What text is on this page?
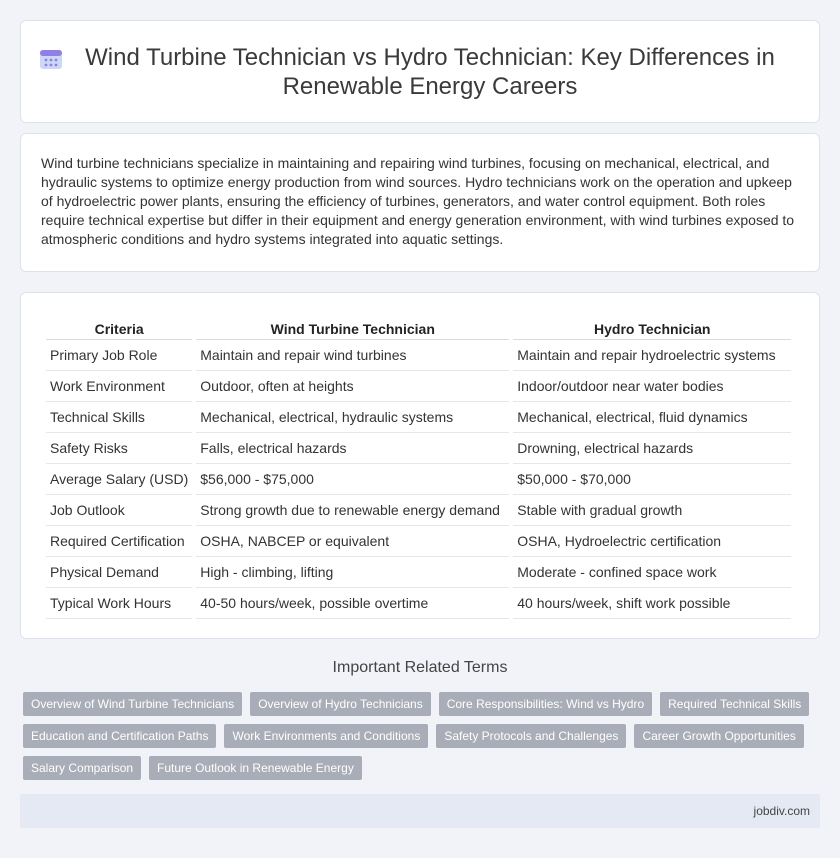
Wind Turbine Technician vs Hydro Technician: Key Differences in Renewable Energy Careers

Wind turbine technicians specialize in maintaining and repairing wind turbines, focusing on mechanical, electrical, and hydraulic systems to optimize energy production from wind sources. Hydro technicians work on the operation and upkeep of hydroelectric power plants, ensuring the efficiency of turbines, generators, and water control equipment. Both roles require technical expertise but differ in their equipment and energy generation environment, with wind turbines exposed to atmospheric conditions and hydro systems integrated into aquatic settings.

Criteria	Wind Turbine Technician	Hydro Technician
Primary Job Role	Maintain and repair wind turbines	Maintain and repair hydroelectric systems
Work Environment	Outdoor, often at heights	Indoor/outdoor near water bodies
Technical Skills	Mechanical, electrical, hydraulic systems	Mechanical, electrical, fluid dynamics
Safety Risks	Falls, electrical hazards	Drowning, electrical hazards
Average Salary (USD)	$56,000 - $75,000	$50,000 - $70,000
Job Outlook	Strong growth due to renewable energy demand	Stable with gradual growth
Required Certification	OSHA, NABCEP or equivalent	OSHA, Hydroelectric certification
Physical Demand	High - climbing, lifting	Moderate - confined space work
Typical Work Hours	40-50 hours/week, possible overtime	40 hours/week, shift work possible
Important Related Terms
Overview of Wind Turbine Technicians	Overview of Hydro Technicians	Core Responsibilities: Wind vs Hydro	Required Technical Skills
Education and Certification Paths	Work Environments and Conditions	Safety Protocols and Challenges	Career Growth Opportunities
Salary Comparison	Future Outlook in Renewable Energy
jobdiv.com
